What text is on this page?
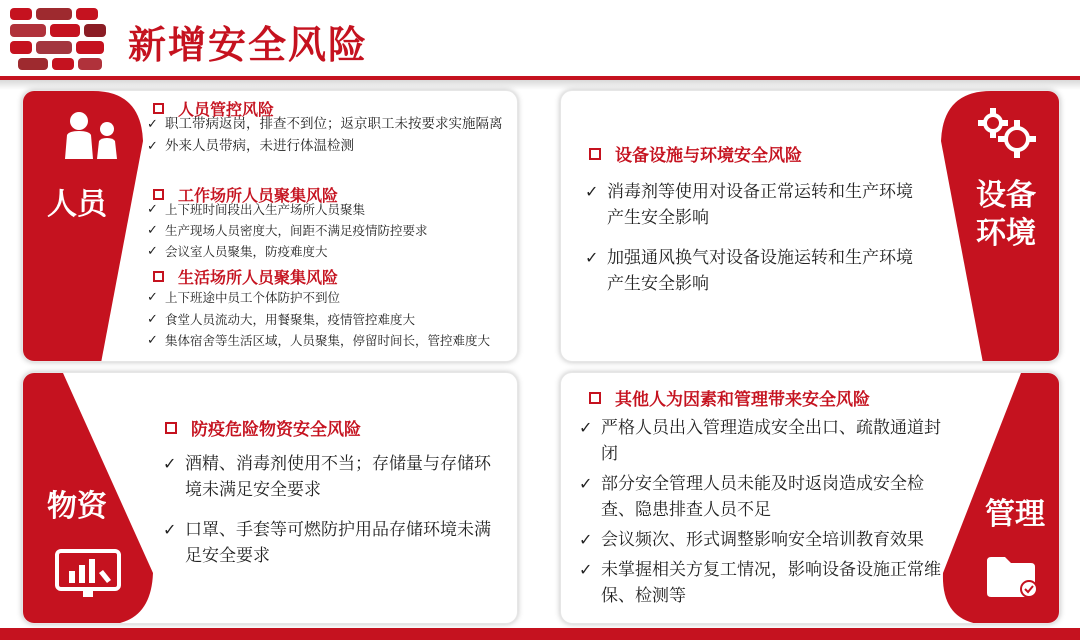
新增安全风险
人员
人员管控风险
✓ 职工带病返岗，排查不到位；返京职工未按要求实施隔离
✓ 外来人员带病，未进行体温检测
工作场所人员聚集风险
✓ 上下班时间段出入生产场所人员聚集
✓ 生产现场人员密度大，间距不满足疫情防控要求
✓ 会议室人员聚集，防疫难度大
生活场所人员聚集风险
✓ 上下班途中员工个体防护不到位
✓ 食堂人员流动大，用餐聚集，疫情管控难度大
✓ 集体宿舍等生活区域，人员聚集，停留时间长，管控难度大
设备环境
设备设施与环境安全风险
✓ 消毒剂等使用对设备正常运转和生产环境产生安全影响
✓ 加强通风换气对设备设施运转和生产环境产生安全影响
物资
防疫危险物资安全风险
✓ 酒精、消毒剂使用不当；存储量与存储环境未满足安全要求
✓ 口罩、手套等可燃防护用品存储环境未满足安全要求
管理
其他人为因素和管理带来安全风险
✓ 严格人员出入管理造成安全出口、疏散通道封闭
✓ 部分安全管理人员未能及时返岗造成安全检查、隐患排查人员不足
✓ 会议频次、形式调整影响安全培训教育效果
✓ 未掌握相关方复工情况，影响设备设施正常维保、检测等
